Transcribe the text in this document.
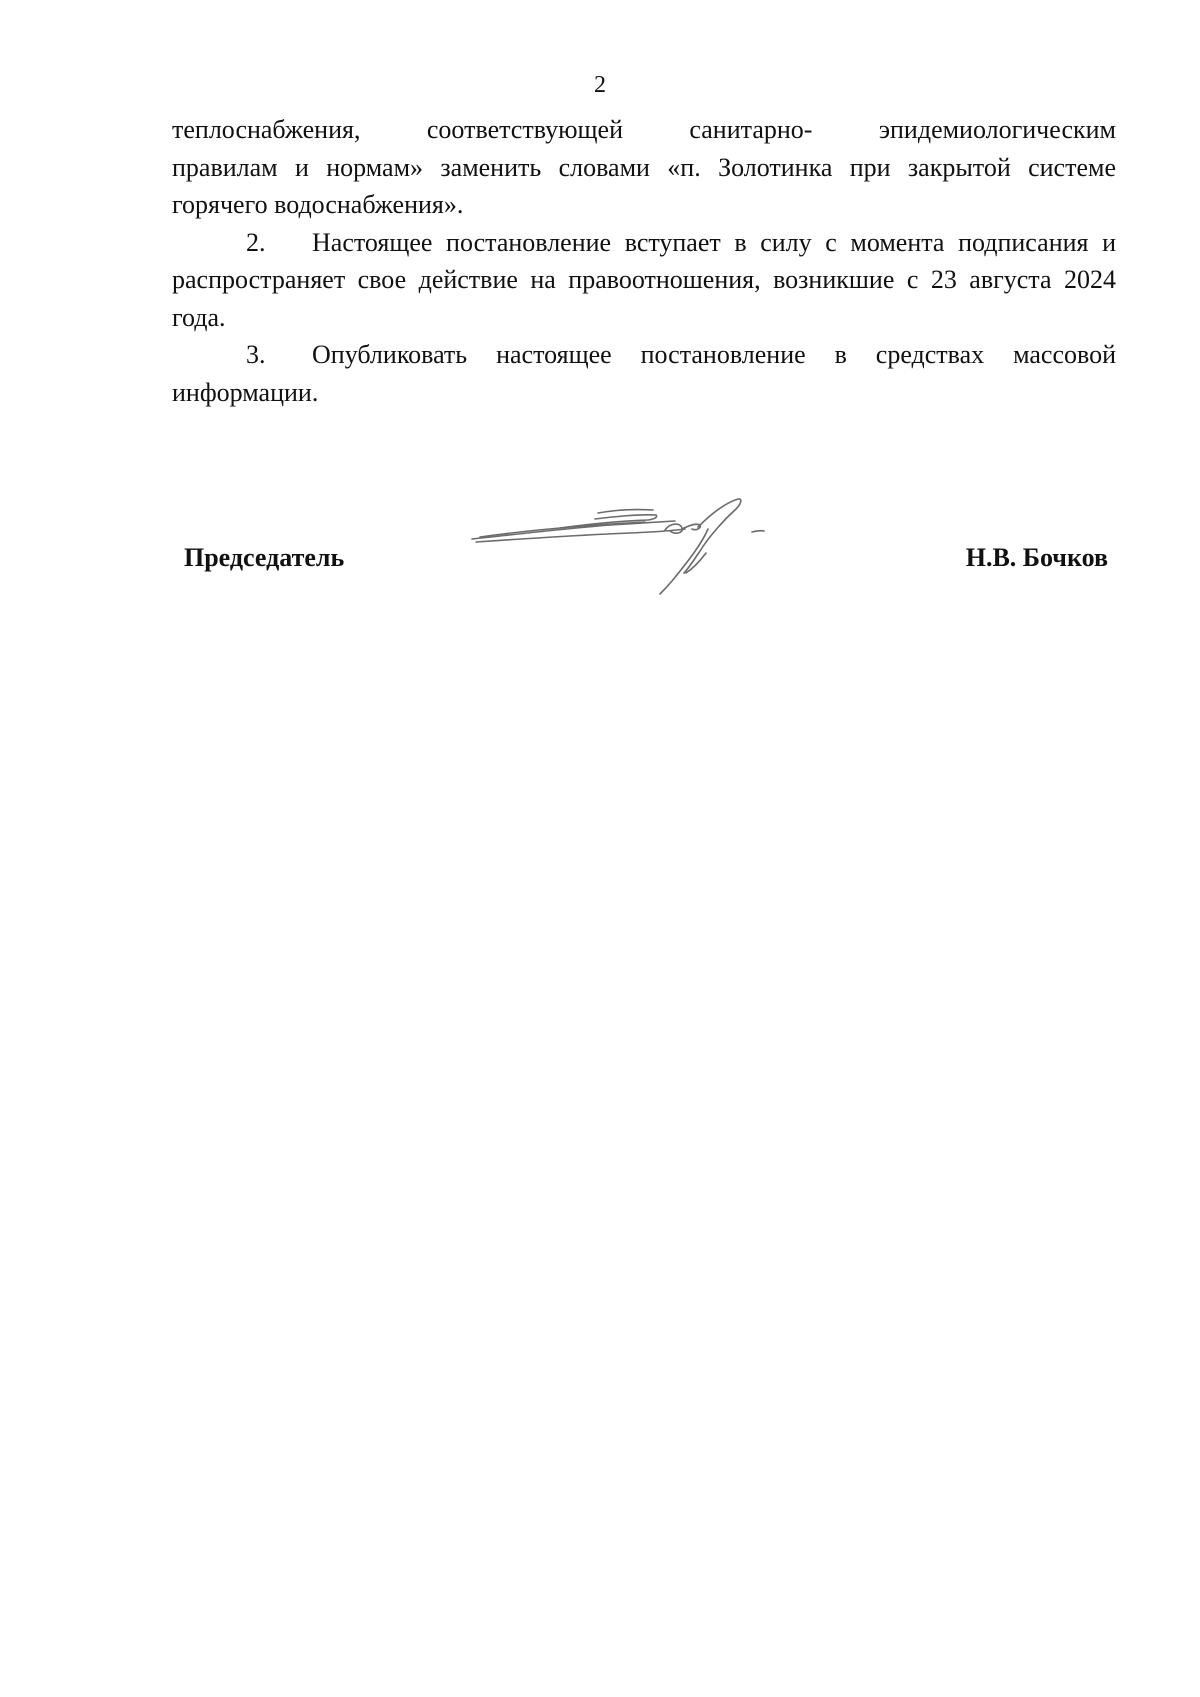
2

теплоснабжения, соответствующей санитарно- эпидемиологическим

правилам и нормам» заменить словами «п. Золотинка при закрытой системе горячего водоснабжения».

2. Настоящее постановление вступает в силу с момента подписания и распространяет свое действие на правоотношения, возникшие с 23 августа 2024 года.

3. Опубликовать настоящее постановление в средствах массовой информации.

Председатель	Н.В. Бочков
